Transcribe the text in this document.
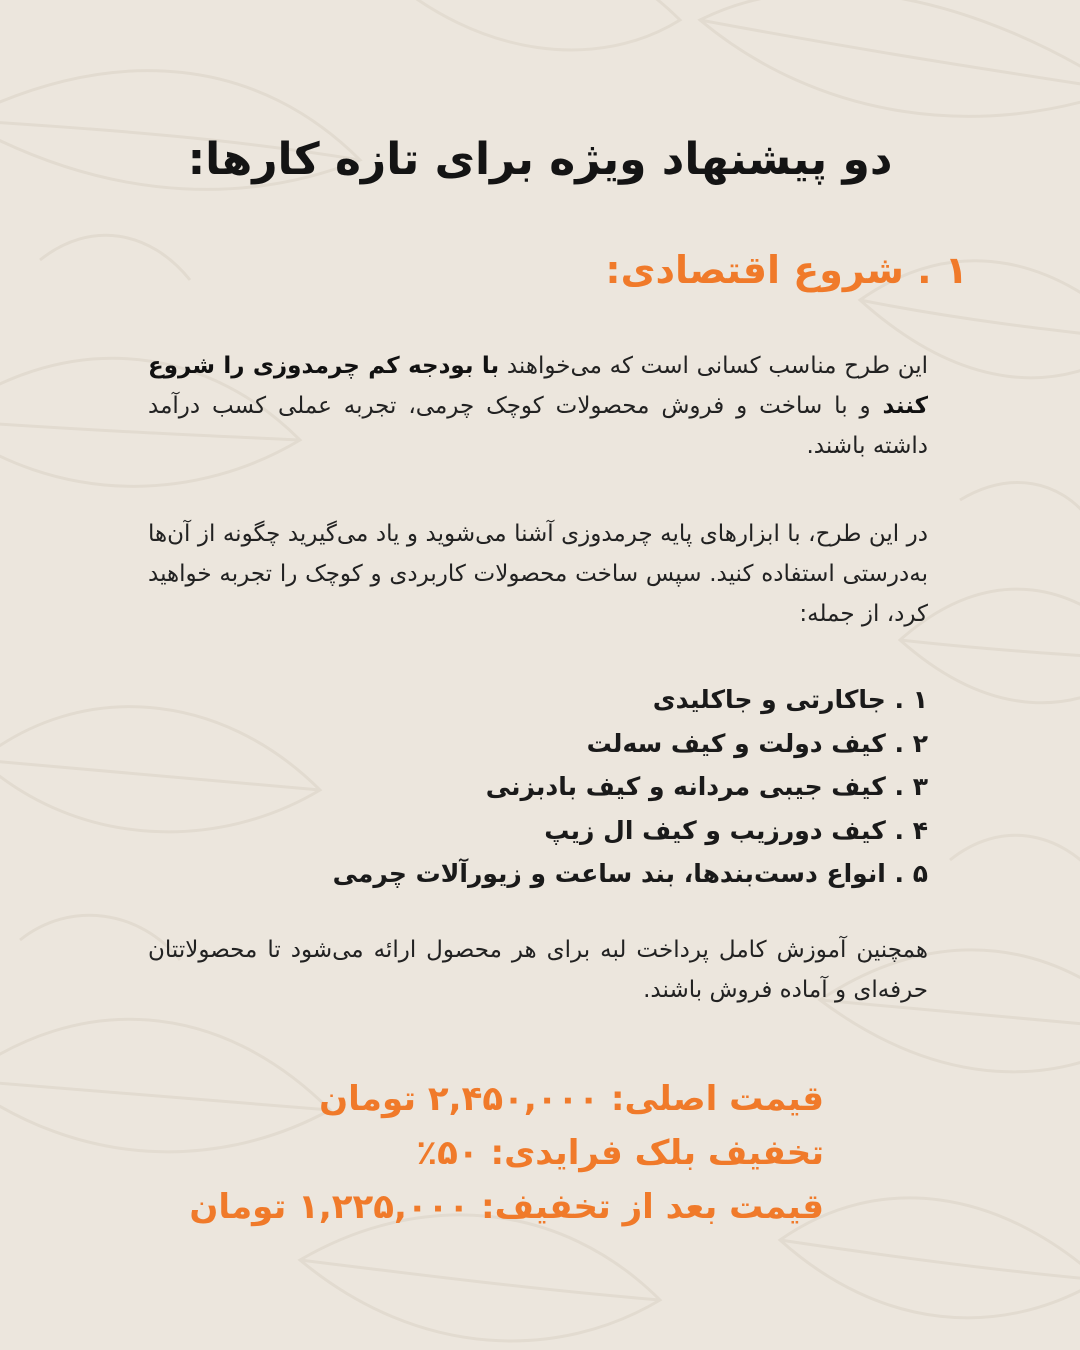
دو پیشنهاد ویژه برای تازه کارها:
۱ . شروع اقتصادی:

این طرح مناسب کسانی است که می‌خواهند با بودجه کم چرمدوزی را شروع کنند و با ساخت و فروش محصولات کوچک چرمی، تجربه عملی کسب درآمد داشته باشند.

در این طرح، با ابزارهای پایه چرمدوزی آشنا می‌شوید و یاد می‌گیرید چگونه از آن‌ها به‌درستی استفاده کنید. سپس ساخت محصولات کاربردی و کوچک را تجربه خواهید کرد، از جمله:

۱ . جاکارتی و جاکلیدی
۲ . کیف دولت و کیف سه‌لت
۳ . کیف جیبی مردانه و کیف بادبزنی
۴ . کیف دورزیب و کیف ال زیپ
۵ . انواع دست‌بندها، بند ساعت و زیورآلات چرمی

همچنین آموزش کامل پرداخت لبه برای هر محصول ارائه می‌شود تا محصولاتتان حرفه‌ای و آماده فروش باشند.

قیمت اصلی: ۲,۴۵۰,۰۰۰ تومان

تخفیف بلک فرایدی: ۵۰٪

قیمت بعد از تخفیف: ۱,۲۲۵,۰۰۰ تومان
